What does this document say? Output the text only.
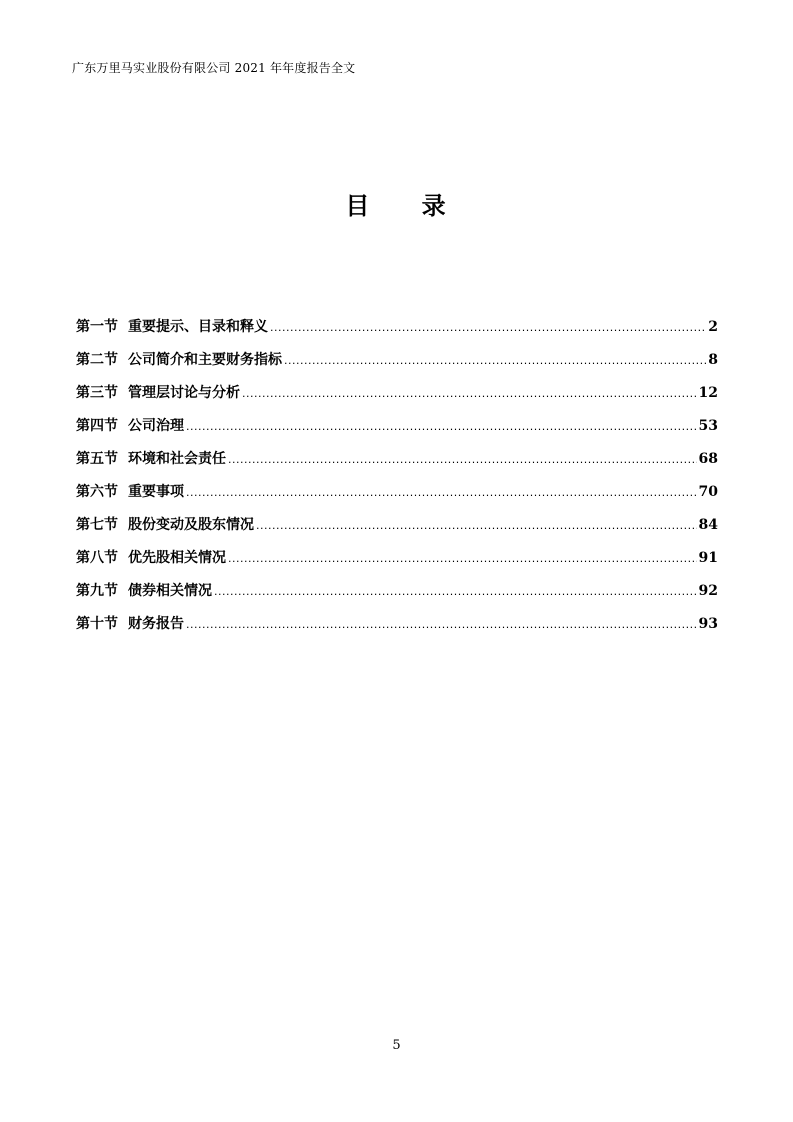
广东万里马实业股份有限公司 2021 年年度报告全文
目 录
第一节 重要提示、目录和释义 .....	2
第二节 公司简介和主要财务指标 .....	8
第三节 管理层讨论与分析 .....	12
第四节 公司治理 .....	53
第五节 环境和社会责任 .....	68
第六节 重要事项 .....	70
第七节 股份变动及股东情况 .....	84
第八节 优先股相关情况 .....	91
第九节 债券相关情况 .....	92
第十节 财务报告 .....	93
5
